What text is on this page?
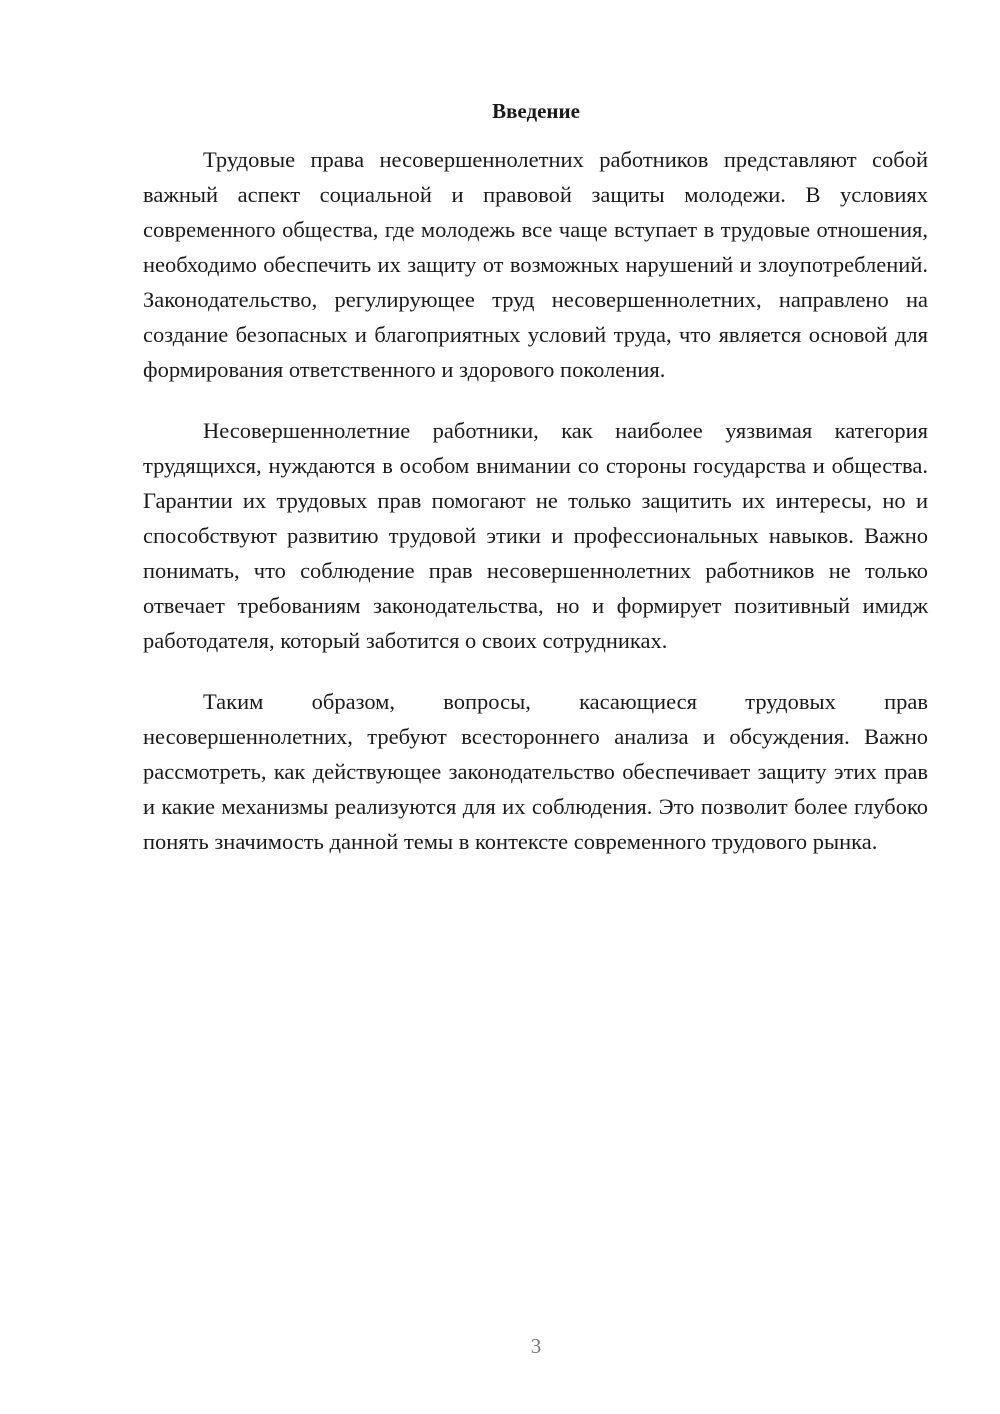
Введение

Трудовые права несовершеннолетних работников представляют собой важный аспект социальной и правовой защиты молодежи. В условиях современного общества, где молодежь все чаще вступает в трудовые отношения, необходимо обеспечить их защиту от возможных нарушений и злоупотреблений. Законодательство, регулирующее труд несовершеннолетних, направлено на создание безопасных и благоприятных условий труда, что является основой для формирования ответственного и здорового поколения.

Несовершеннолетние работники, как наиболее уязвимая категория трудящихся, нуждаются в особом внимании со стороны государства и общества. Гарантии их трудовых прав помогают не только защитить их интересы, но и способствуют развитию трудовой этики и профессиональных навыков. Важно понимать, что соблюдение прав несовершеннолетних работников не только отвечает требованиям законодательства, но и формирует позитивный имидж работодателя, который заботится о своих сотрудниках.

Таким образом, вопросы, касающиеся трудовых прав несовершеннолетних, требуют всестороннего анализа и обсуждения. Важно рассмотреть, как действующее законодательство обеспечивает защиту этих прав и какие механизмы реализуются для их соблюдения. Это позволит более глубоко понять значимость данной темы в контексте современного трудового рынка.

3
